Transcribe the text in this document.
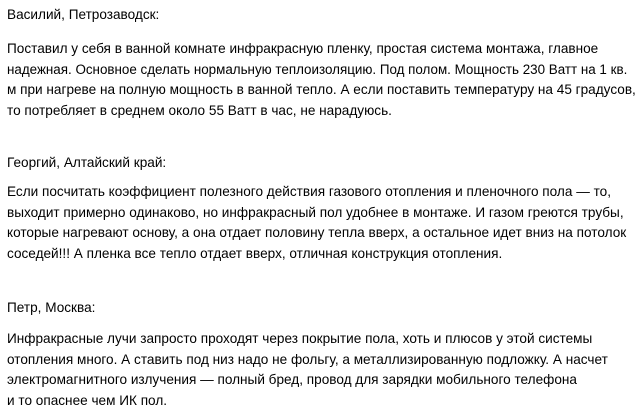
Василий, Петрозаводск:
Поставил у себя в ванной комнате инфракрасную пленку, простая система монтажа, главное
надежная. Основное сделать нормальную теплоизоляцию. Под полом. Мощность 230 Ватт на 1 кв.
м при нагреве на полную мощность в ванной тепло. А если поставить температуру на 45 градусов,
то потребляет в среднем около 55 Ватт в час, не нарадуюсь.
Георгий, Алтайский край:
Если посчитать коэффициент полезного действия газового отопления и пленочного пола — то,
выходит примерно одинаково, но инфракрасный пол удобнее в монтаже. И газом греются трубы,
которые нагревают основу, а она отдает половину тепла вверх, а остальное идет вниз на потолок
соседей!!! А пленка все тепло отдает вверх, отличная конструкция отопления.
Петр, Москва:
Инфракрасные лучи запросто проходят через покрытие пола, хоть и плюсов у этой системы
отопления много. А ставить под низ надо не фольгу, а металлизированную подложку. А насчет
электромагнитного излучения — полный бред, провод для зарядки мобильного телефона
и то опаснее чем ИК пол.
